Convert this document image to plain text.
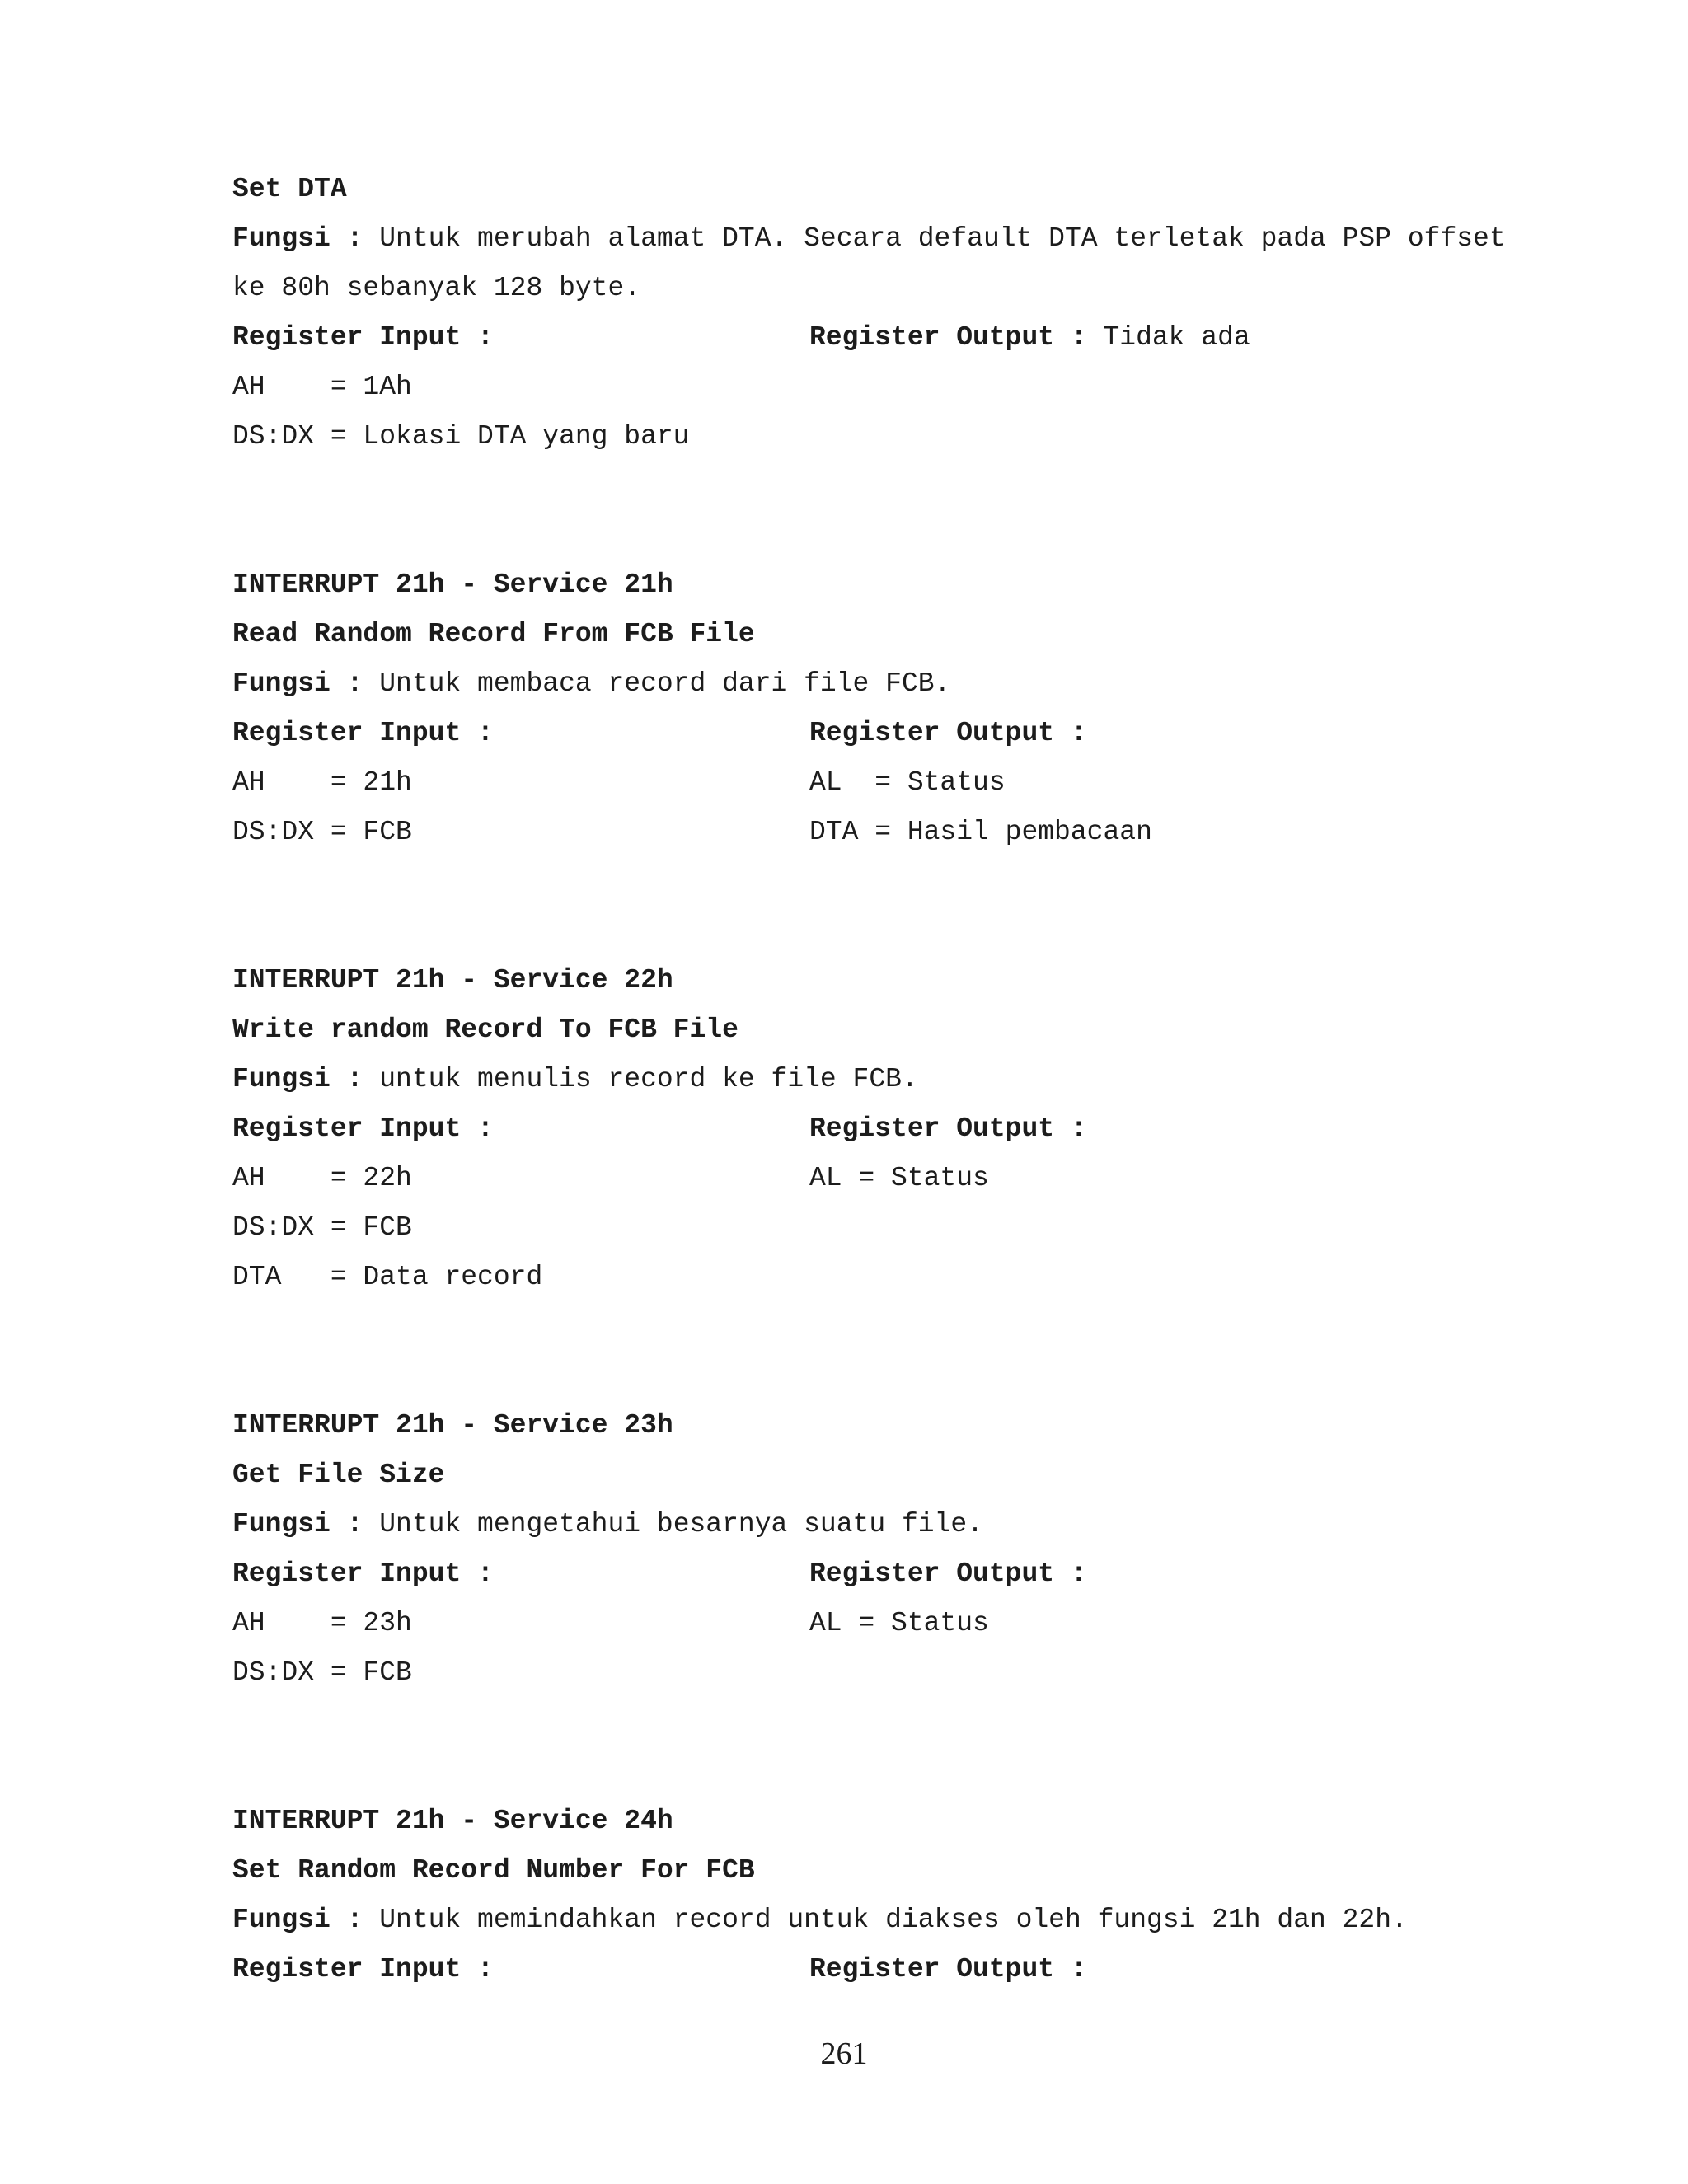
Set DTA
Fungsi : Untuk merubah alamat DTA. Secara default DTA terletak pada PSP offset
ke 80h sebanyak 128 byte.
Register Input :	Register Output : Tidak ada
AH    = 1Ah
DS:DX = Lokasi DTA yang baru
INTERRUPT 21h - Service 21h
Read Random Record From FCB File
Fungsi : Untuk membaca record dari file FCB.
Register Input :	Register Output :
AH    = 21h	AL  = Status
DS:DX = FCB	DTA = Hasil pembacaan
INTERRUPT 21h - Service 22h
Write random Record To FCB File
Fungsi : untuk menulis record ke file FCB.
Register Input :	Register Output :
AH    = 22h	AL = Status
DS:DX = FCB
DTA   = Data record
INTERRUPT 21h - Service 23h
Get File Size
Fungsi : Untuk mengetahui besarnya suatu file.
Register Input :	Register Output :
AH    = 23h	AL = Status
DS:DX = FCB
INTERRUPT 21h - Service 24h
Set Random Record Number For FCB
Fungsi : Untuk memindahkan record untuk diakses oleh fungsi 21h dan 22h.
Register Input :	Register Output :
261
